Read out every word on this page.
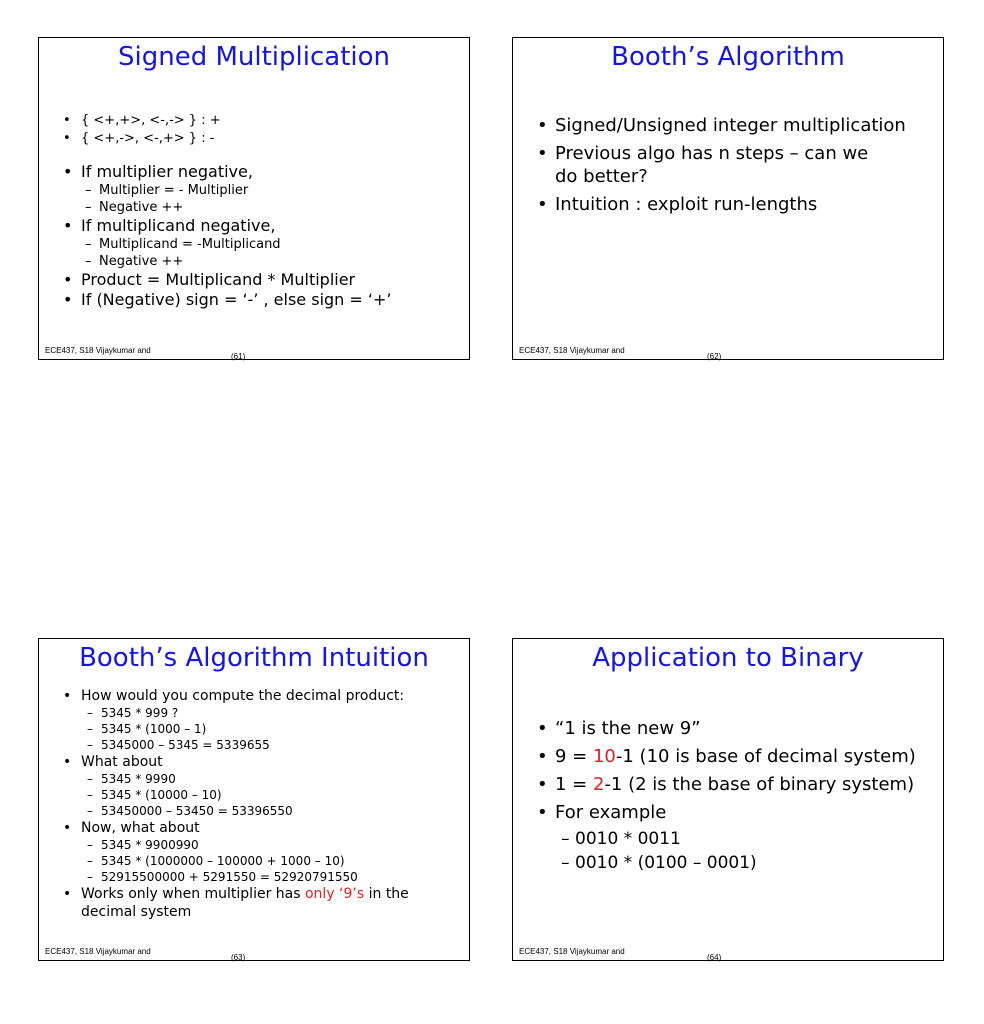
Signed Multiplication
• { <+,+>, <-,-> } : +
• { <+,->, <-,+> } : -
• If multiplier negative,
– Multiplier = - Multiplier
– Negative ++
• If multiplicand negative,
– Multiplicand = -Multiplicand
– Negative ++
• Product = Multiplicand * Multiplier
• If (Negative) sign = ‘-’ , else sign = ‘+’
ECE437, S18 Vijaykumar and
(61)
Booth’s Algorithm
• Signed/Unsigned integer multiplication
• Previous algo has n steps – can we do better?
• Intuition : exploit run-lengths
ECE437, S18 Vijaykumar and
(62)
Booth’s Algorithm Intuition
• How would you compute the decimal product:
– 5345 * 999 ?
– 5345 * (1000 – 1)
– 5345000 – 5345 = 5339655
• What about
– 5345 * 9990
– 5345 * (10000 – 10)
– 53450000 – 53450 = 53396550
• Now, what about
– 5345 * 9900990
– 5345 * (1000000 – 100000 + 1000 – 10)
– 52915500000 + 5291550 = 52920791550
• Works only when multiplier has only ‘9’s in the decimal system
ECE437, S18 Vijaykumar and
(63)
Application to Binary
• “1 is the new 9”
• 9 = 10-1 (10 is base of decimal system)
• 1 = 2-1 (2 is the base of binary system)
• For example
– 0010 * 0011
– 0010 * (0100 – 0001)
ECE437, S18 Vijaykumar and
(64)
